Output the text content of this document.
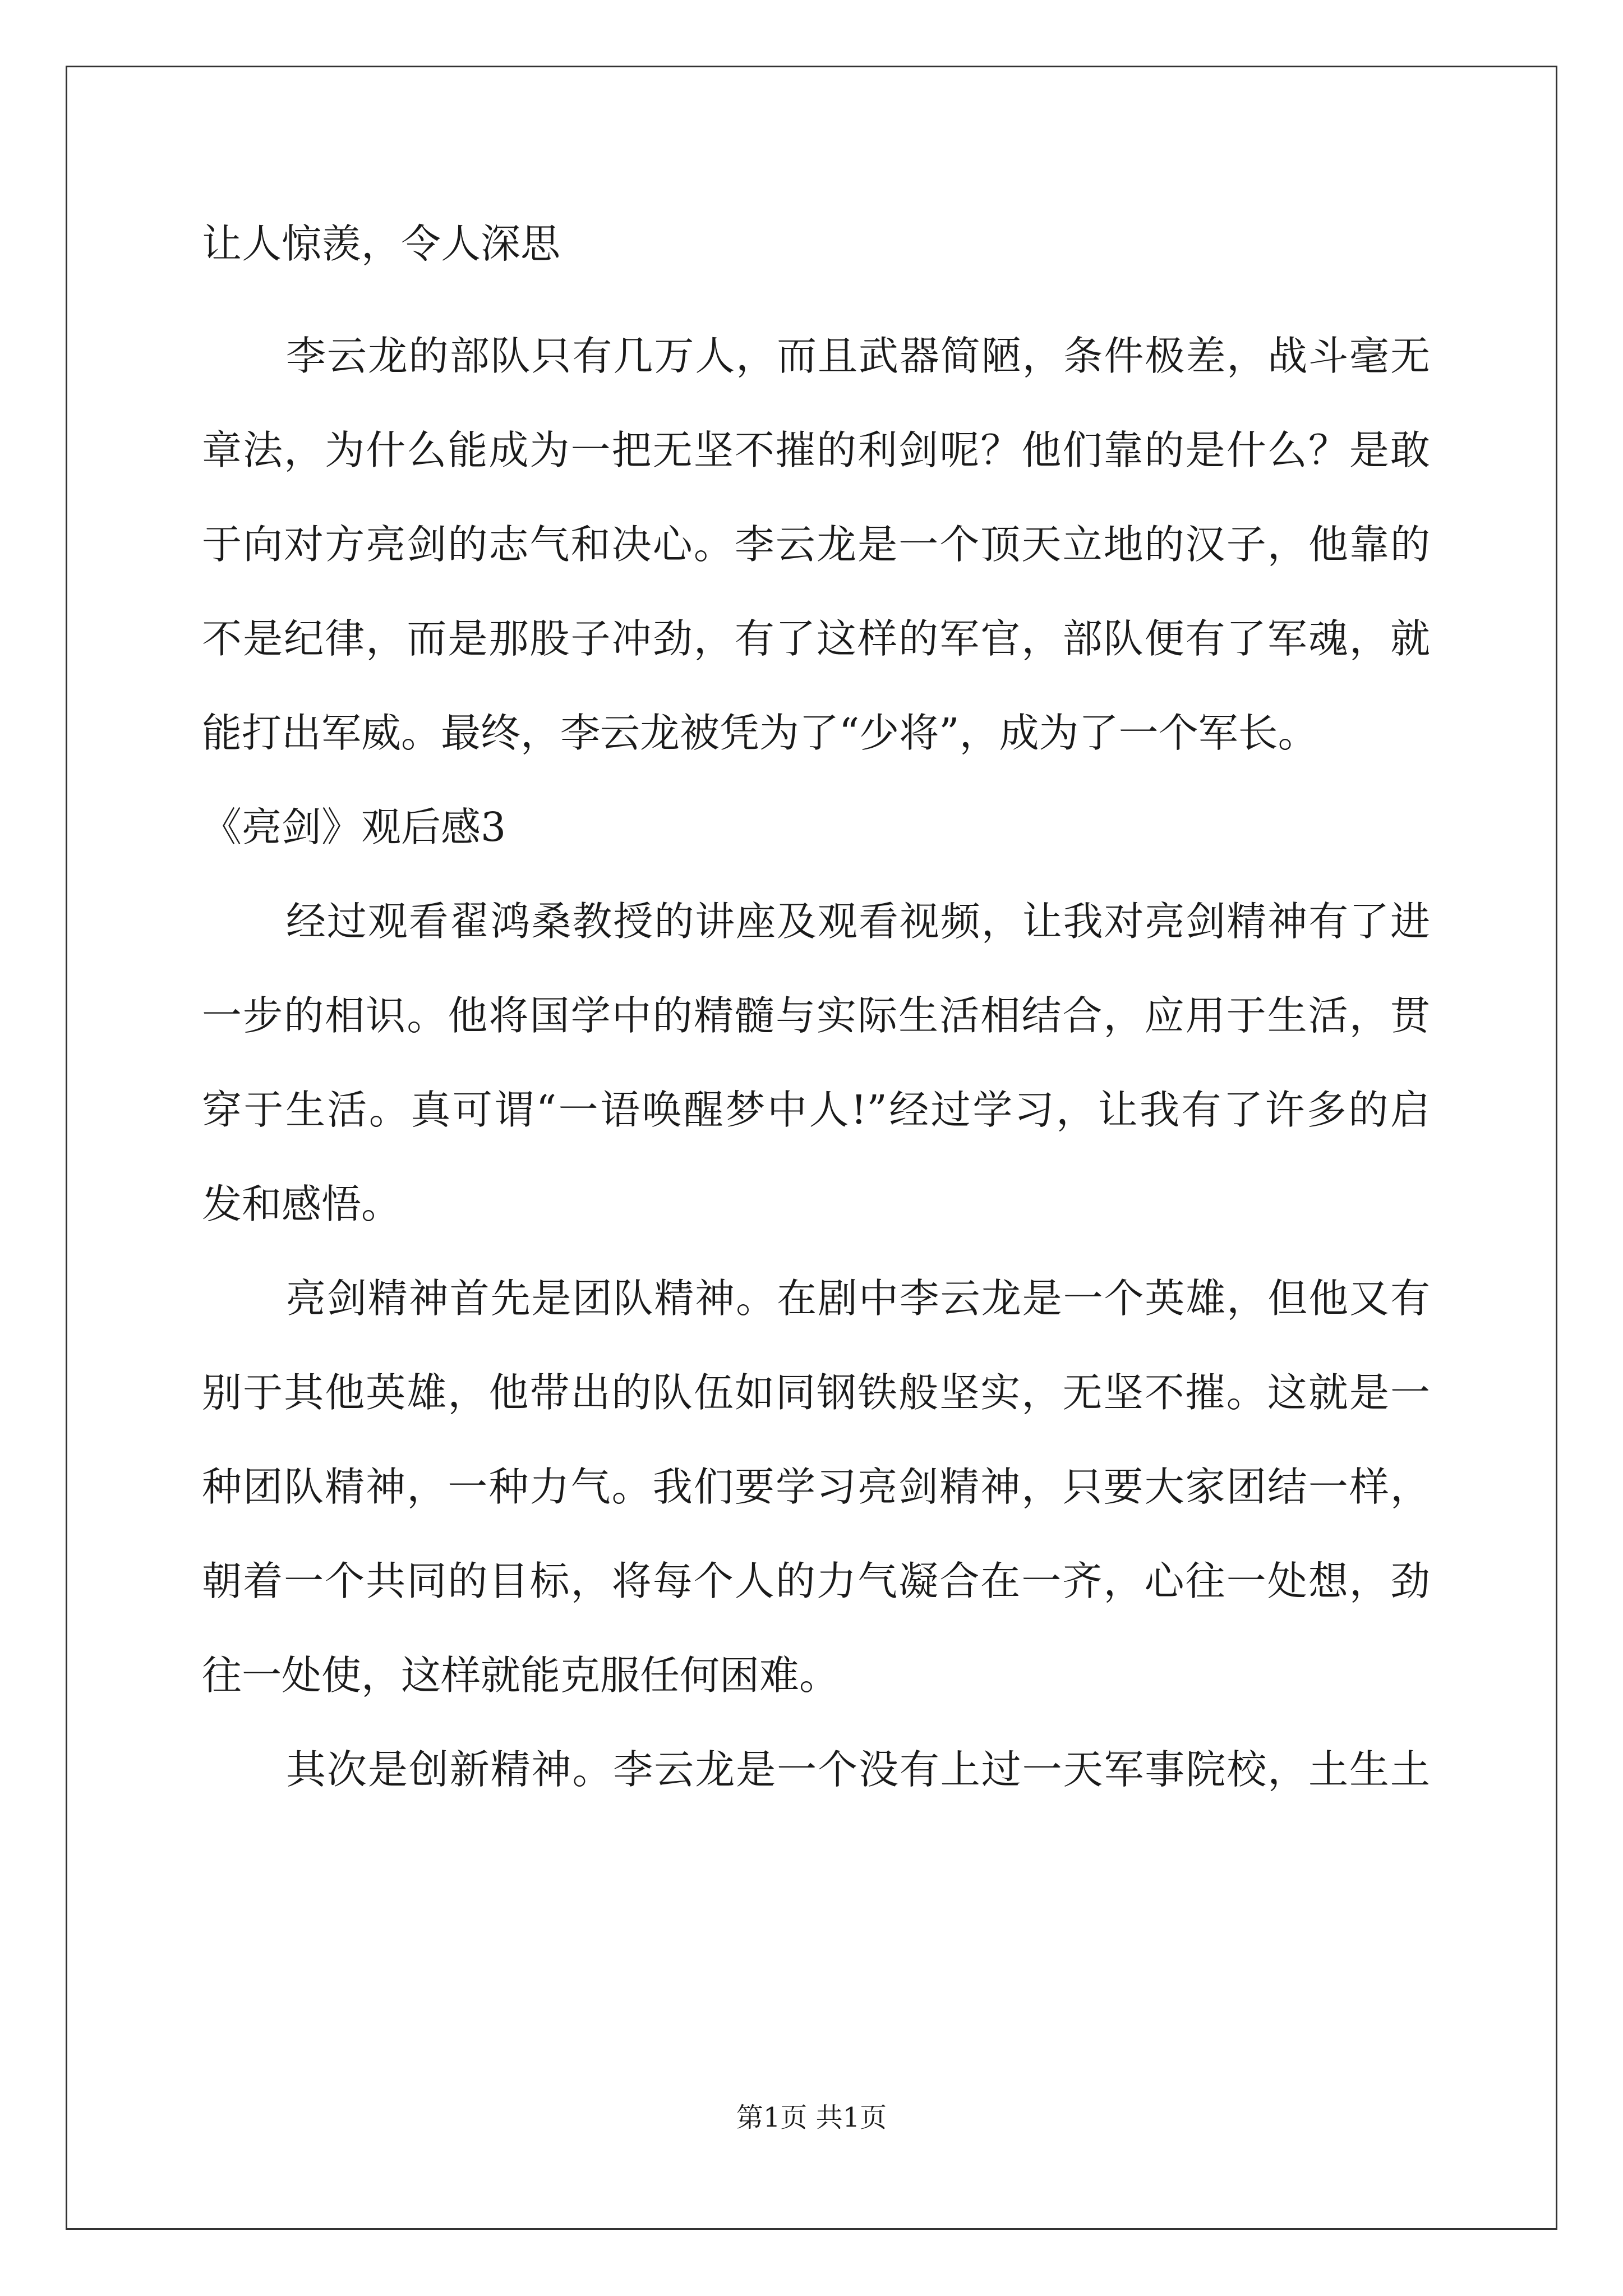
让人惊羡，令人深思
李云龙的部队只有几万人，而且武器简陋，条件极差，战斗毫无
章法，为什么能成为一把无坚不摧的利剑呢？他们靠的是什么？是敢
于向对方亮剑的志气和决心。李云龙是一个顶天立地的汉子，他靠的
不是纪律，而是那股子冲劲，有了这样的军官，部队便有了军魂，就
能打出军威。最终，李云龙被凭为了“少将”，成为了一个军长。
《亮剑》观后感3
经过观看翟鸿桑教授的讲座及观看视频，让我对亮剑精神有了进
一步的相识。他将国学中的精髓与实际生活相结合，应用于生活，贯
穿于生活。真可谓“一语唤醒梦中人!”经过学习，让我有了许多的启
发和感悟。
亮剑精神首先是团队精神。在剧中李云龙是一个英雄，但他又有
别于其他英雄，他带出的队伍如同钢铁般坚实，无坚不摧。这就是一
种团队精神，一种力气。我们要学习亮剑精神，只要大家团结一样，
朝着一个共同的目标，将每个人的力气凝合在一齐，心往一处想，劲
往一处使，这样就能克服任何困难。
其次是创新精神。李云龙是一个没有上过一天军事院校，土生土
第1页 共1页
